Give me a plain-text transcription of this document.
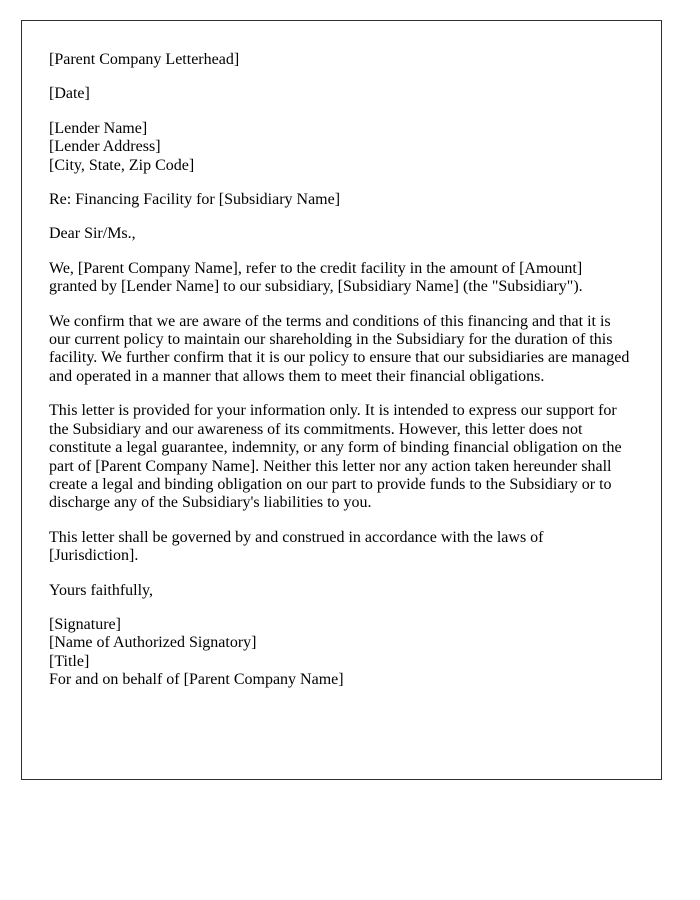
[Parent Company Letterhead]

[Date]

[Lender Name]
[Lender Address]
[City, State, Zip Code]

Re: Financing Facility for [Subsidiary Name]

Dear Sir/Ms.,

We, [Parent Company Name], refer to the credit facility in the amount of [Amount] granted by [Lender Name] to our subsidiary, [Subsidiary Name] (the "Subsidiary").

We confirm that we are aware of the terms and conditions of this financing and that it is our current policy to maintain our shareholding in the Subsidiary for the duration of this facility. We further confirm that it is our policy to ensure that our subsidiaries are managed and operated in a manner that allows them to meet their financial obligations.

This letter is provided for your information only. It is intended to express our support for the Subsidiary and our awareness of its commitments. However, this letter does not constitute a legal guarantee, indemnity, or any form of binding financial obligation on the part of [Parent Company Name]. Neither this letter nor any action taken hereunder shall create a legal and binding obligation on our part to provide funds to the Subsidiary or to discharge any of the Subsidiary's liabilities to you.

This letter shall be governed by and construed in accordance with the laws of [Jurisdiction].

Yours faithfully,

[Signature]
[Name of Authorized Signatory]
[Title]
For and on behalf of [Parent Company Name]
